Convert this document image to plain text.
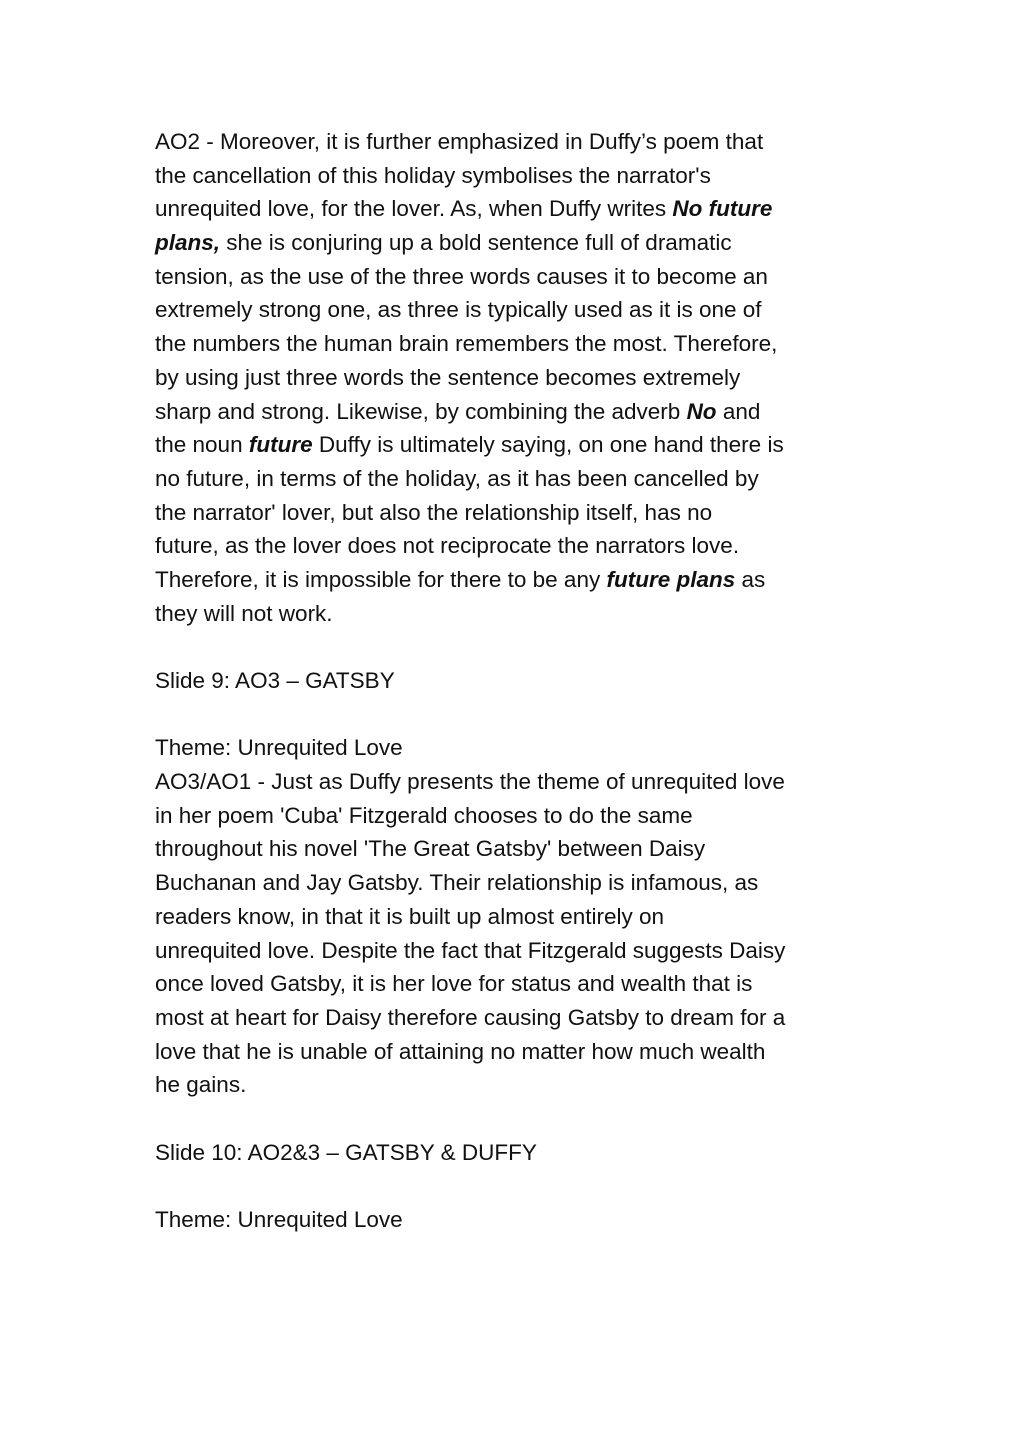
AO2 - Moreover, it is further emphasized in Duffy’s poem that
the cancellation of this holiday symbolises the narrator's
unrequited love, for the lover. As, when Duffy writes No future
plans, she is conjuring up a bold sentence full of dramatic
tension, as the use of the three words causes it to become an
extremely strong one, as three is typically used as it is one of
the numbers the human brain remembers the most. Therefore,
by using just three words the sentence becomes extremely
sharp and strong. Likewise, by combining the adverb No and
the noun future Duffy is ultimately saying, on one hand there is
no future, in terms of the holiday, as it has been cancelled by
the narrator' lover, but also the relationship itself, has no
future, as the lover does not reciprocate the narrators love.
Therefore, it is impossible for there to be any future plans as
they will not work.
Slide 9: AO3 – GATSBY
Theme: Unrequited Love
AO3/AO1 - Just as Duffy presents the theme of unrequited love
in her poem 'Cuba' Fitzgerald chooses to do the same
throughout his novel 'The Great Gatsby' between Daisy
Buchanan and Jay Gatsby. Their relationship is infamous, as
readers know, in that it is built up almost entirely on
unrequited love. Despite the fact that Fitzgerald suggests Daisy
once loved Gatsby, it is her love for status and wealth that is
most at heart for Daisy therefore causing Gatsby to dream for a
love that he is unable of attaining no matter how much wealth
he gains.
Slide 10: AO2&3 – GATSBY & DUFFY
Theme: Unrequited Love
